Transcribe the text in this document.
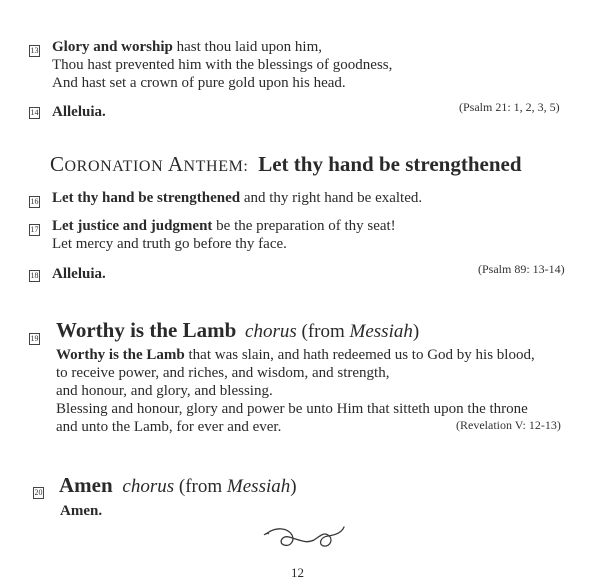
13 Glory and worship hast thou laid upon him,
Thou hast prevented him with the blessings of goodness,
And hast set a crown of pure gold upon his head.
14 Alleluia.	(Psalm 21: 1, 2, 3, 5)
CORONATION ANTHEM: Let thy hand be strengthened
16 Let thy hand be strengthened and thy right hand be exalted.
17 Let justice and judgment be the preparation of thy seat!
Let mercy and truth go before thy face.
18 Alleluia.	(Psalm 89: 13-14)
19 Worthy is the Lamb chorus (from Messiah)
Worthy is the Lamb that was slain, and hath redeemed us to God by his blood,
to receive power, and riches, and wisdom, and strength,
and honour, and glory, and blessing.
Blessing and honour, glory and power be unto Him that sitteth upon the throne
and unto the Lamb, for ever and ever.	(Revelation V: 12-13)
20 Amen chorus (from Messiah)
Amen.
12
